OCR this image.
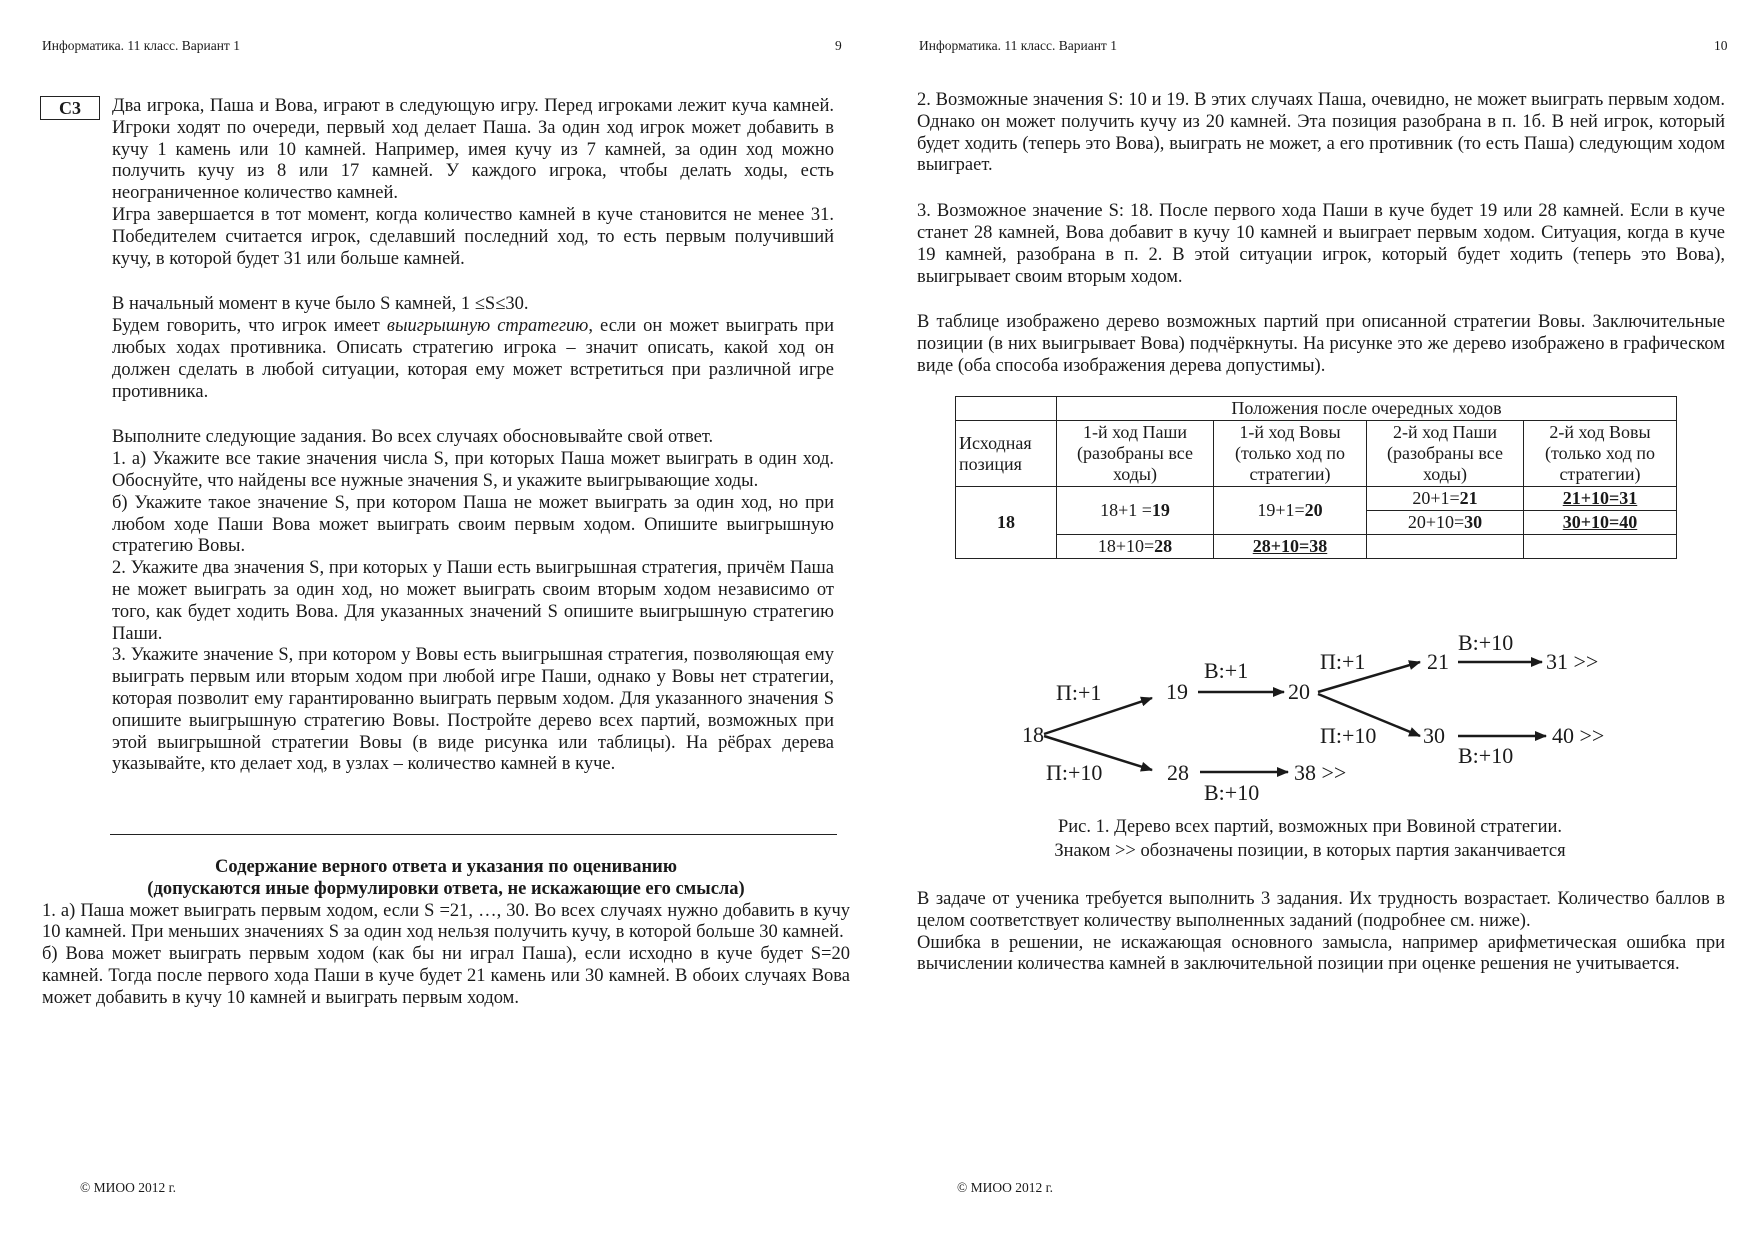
Информатика. 11 класс. Вариант 1	9
C3	Два игрока, Паша и Вова, играют в следующую игру. Перед игроками лежит куча камней. Игроки ходят по очереди, первый ход делает Паша. За один ход игрок может добавить в кучу 1 камень или 10 камней. Например, имея кучу из 7 камней, за один ход можно получить кучу из 8 или 17 камней. У каждого игрока, чтобы делать ходы, есть неограниченное количество камней.

Игра завершается в тот момент, когда количество камней в куче становится не менее 31. Победителем считается игрок, сделавший последний ход, то есть первым получивший кучу, в которой будет 31 или больше камней.

В начальный момент в куче было S камней, 1 ≤S≤30.

Будем говорить, что игрок имеет выигрышную стратегию, если он может выиграть при любых ходах противника. Описать стратегию игрока – значит описать, какой ход он должен сделать в любой ситуации, которая ему может встретиться при различной игре противника.

Выполните следующие задания. Во всех случаях обосновывайте свой ответ.

1. а) Укажите все такие значения числа S, при которых Паша может выиграть в один ход. Обоснуйте, что найдены все нужные значения S, и укажите выигрывающие ходы.

б) Укажите такое значение S, при котором Паша не может выиграть за один ход, но при любом ходе Паши Вова может выиграть своим первым ходом. Опишите выигрышную стратегию Вовы.

2. Укажите два значения S, при которых у Паши есть выигрышная стратегия, причём Паша не может выиграть за один ход, но может выиграть своим вторым ходом независимо от того, как будет ходить Вова. Для указанных значений S опишите выигрышную стратегию Паши.

3. Укажите значение S, при котором у Вовы есть выигрышная стратегия, позволяющая ему выиграть первым или вторым ходом при любой игре Паши, однако у Вовы нет стратегии, которая позволит ему гарантированно выиграть первым ходом. Для указанного значения S опишите выигрышную стратегию Вовы. Постройте дерево всех партий, возможных при этой выигрышной стратегии Вовы (в виде рисунка или таблицы). На рёбрах дерева указывайте, кто делает ход, в узлах – количество камней в куче.

Содержание верного ответа и указания по оцениванию

(допускаются иные формулировки ответа, не искажающие его смысла)

1. а) Паша может выиграть первым ходом, если S =21, …, 30. Во всех случаях нужно добавить в кучу 10 камней. При меньших значениях S за один ход нельзя получить кучу, в которой больше 30 камней.

б) Вова может выиграть первым ходом (как бы ни играл Паша), если исходно в куче будет S=20 камней. Тогда после первого хода Паши в куче будет 21 камень или 30 камней. В обоих случаях Вова может добавить в кучу 10 камней и выиграть первым ходом.

© МИОО 2012 г.
Информатика. 11 класс. Вариант 1	10

2. Возможные значения S: 10 и 19. В этих случаях Паша, очевидно, не может выиграть первым ходом. Однако он может получить кучу из 20 камней. Эта позиция разобрана в п. 1б. В ней игрок, который будет ходить (теперь это Вова), выиграть не может, а его противник (то есть Паша) следующим ходом выиграет.

3. Возможное значение S: 18. После первого хода Паши в куче будет 19 или 28 камней. Если в куче станет 28 камней, Вова добавит в кучу 10 камней и выиграет первым ходом. Ситуация, когда в куче 19 камней, разобрана в п. 2. В этой ситуации игрок, который будет ходить (теперь это Вова), выигрывает своим вторым ходом.

В таблице изображено дерево возможных партий при описанной стратегии Вовы. Заключительные позиции (в них выигрывает Вова) подчёркнуты. На рисунке это же дерево изображено в графическом виде (оба способа изображения дерева допустимы).

В задаче от ученика требуется выполнить 3 задания. Их трудность возрастает. Количество баллов в целом соответствует количеству выполненных заданий (подробнее см. ниже).

Ошибка в решении, не искажающая основного замысла, например арифметическая ошибка при вычислении количества камней в заключительной позиции при оценке решения не учитывается.

© МИОО 2012 г.
	Положения после очередных ходов			
Исходная позиция	1-й ход Паши (разобраны все ходы)	1-й ход Вовы (только ход по стратегии)	2-й ход Паши (разобраны все ходы)	2-й ход Вовы (только ход по стратегии)
18	18+1 =19	19+1=20	20+1=21	21+10=31
			20+10=30	30+10=40
	18+10=28	28+10=38		
18
19	20
21
30
31 >>
40 >>
28	38 >>
П:+1
П:+10
В:+1
В:+10
П:+1
П:+10
В:+10
В:+10
Рис. 1. Дерево всех партий, возможных при Вовиной стратегии.
Знаком >> обозначены позиции, в которых партия заканчивается
